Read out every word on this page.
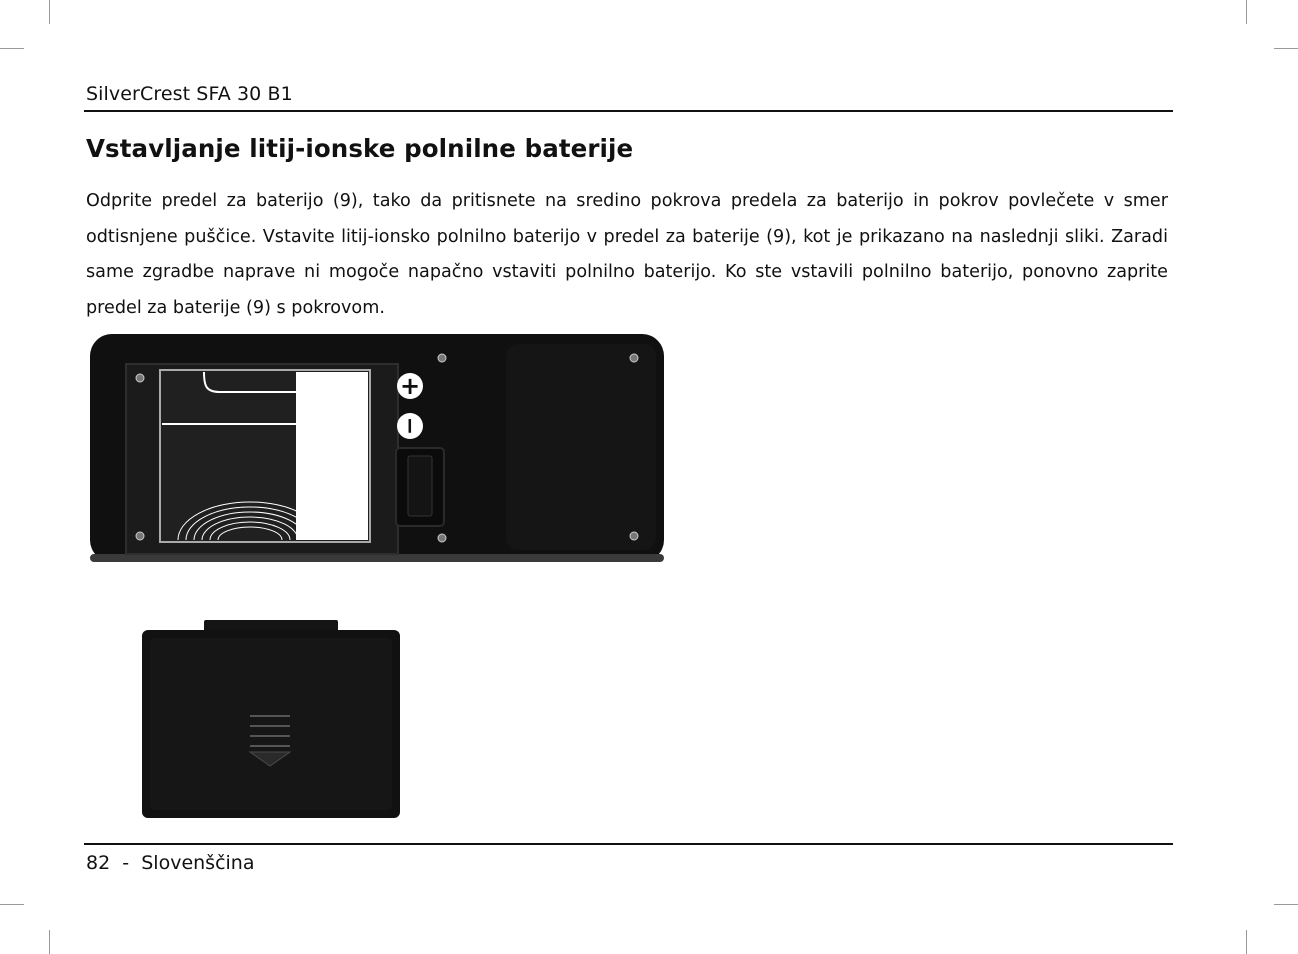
SilverCrest SFA 30 B1
Vstavljanje litij-ionske polnilne baterije
Odprite predel za baterijo (9), tako da pritisnete na sredino pokrova predela za baterijo in pokrov povlečete v smer odtisnjene puščice. Vstavite litij-ionsko polnilno baterijo v predel za baterije (9), kot je prikazano na naslednji sliki. Zaradi same zgradbe naprave ni mogoče napačno vstaviti polnilno baterijo. Ko ste vstavili polnilno baterijo, ponovno zaprite predel za baterije (9) s pokrovom.
+
−
82 - Slovenščina
